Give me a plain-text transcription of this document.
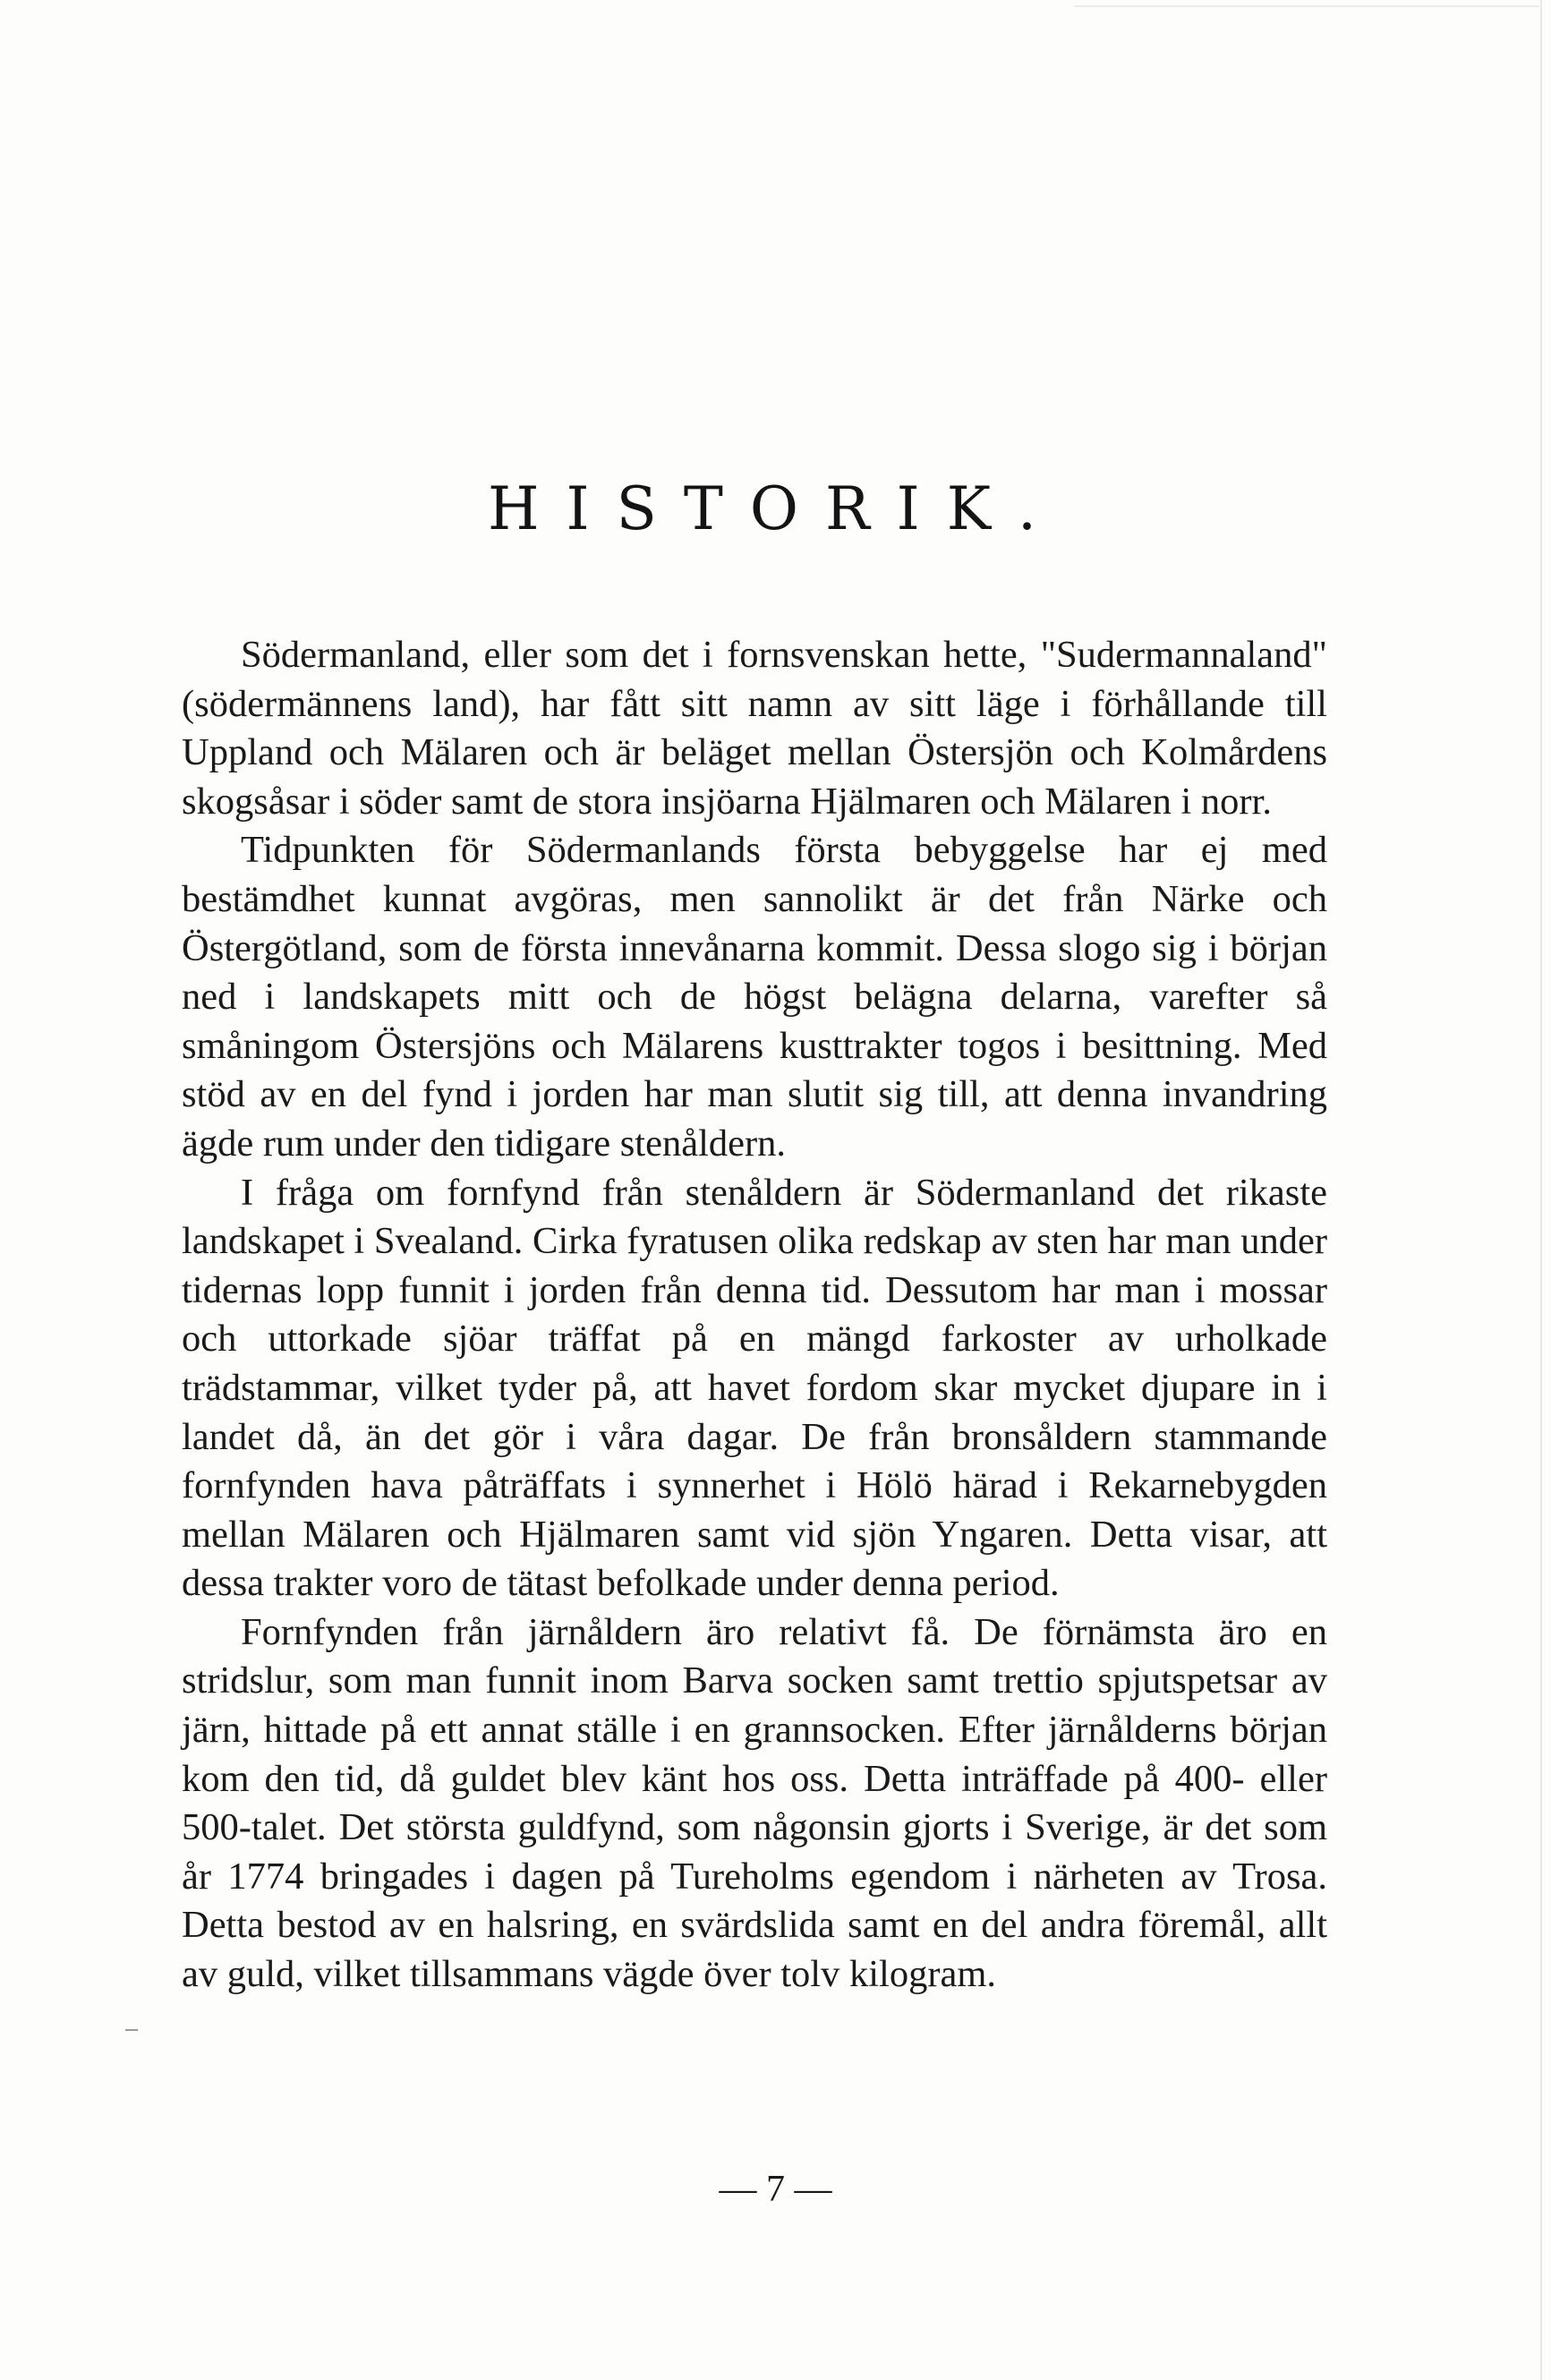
HISTORIK.

Södermanland, eller som det i fornsvenskan hette, "Sudermannaland" (södermännens land), har fått sitt namn av sitt läge i förhållande till Uppland och Mälaren och är beläget mellan Östersjön och Kolmårdens skogsåsar i söder samt de stora insjöarna Hjälmaren och Mälaren i norr.

Tidpunkten för Södermanlands första bebyggelse har ej med bestämdhet kunnat avgöras, men sannolikt är det från Närke och Östergötland, som de första innevånarna kommit. Dessa slogo sig i början ned i landskapets mitt och de högst belägna delarna, varefter så småningom Östersjöns och Mälarens kusttrakter togos i besittning. Med stöd av en del fynd i jorden har man slutit sig till, att denna invandring ägde rum under den tidigare stenåldern.

I fråga om fornfynd från stenåldern är Södermanland det rikaste landskapet i Svealand. Cirka fyratusen olika redskap av sten har man under tidernas lopp funnit i jorden från denna tid. Dessutom har man i mossar och uttorkade sjöar träffat på en mängd farkoster av urholkade trädstammar, vilket tyder på, att havet fordom skar mycket djupare in i landet då, än det gör i våra dagar. De från bronsåldern stammande fornfynden hava påträffats i synnerhet i Hölö härad i Rekarnebygden mellan Mälaren och Hjälmaren samt vid sjön Yngaren. Detta visar, att dessa trakter voro de tätast befolkade under denna period.

Fornfynden från järnåldern äro relativt få. De förnämsta äro en stridslur, som man funnit inom Barva socken samt trettio spjutspetsar av järn, hittade på ett annat ställe i en grannsocken. Efter järnålderns början kom den tid, då guldet blev känt hos oss. Detta inträffade på 400- eller 500-talet. Det största guldfynd, som någonsin gjorts i Sverige, är det som år 1774 bringades i dagen på Tureholms egendom i närheten av Trosa. Detta bestod av en halsring, en svärdslida samt en del andra föremål, allt av guld, vilket tillsammans vägde över tolv kilogram.

— 7 —
